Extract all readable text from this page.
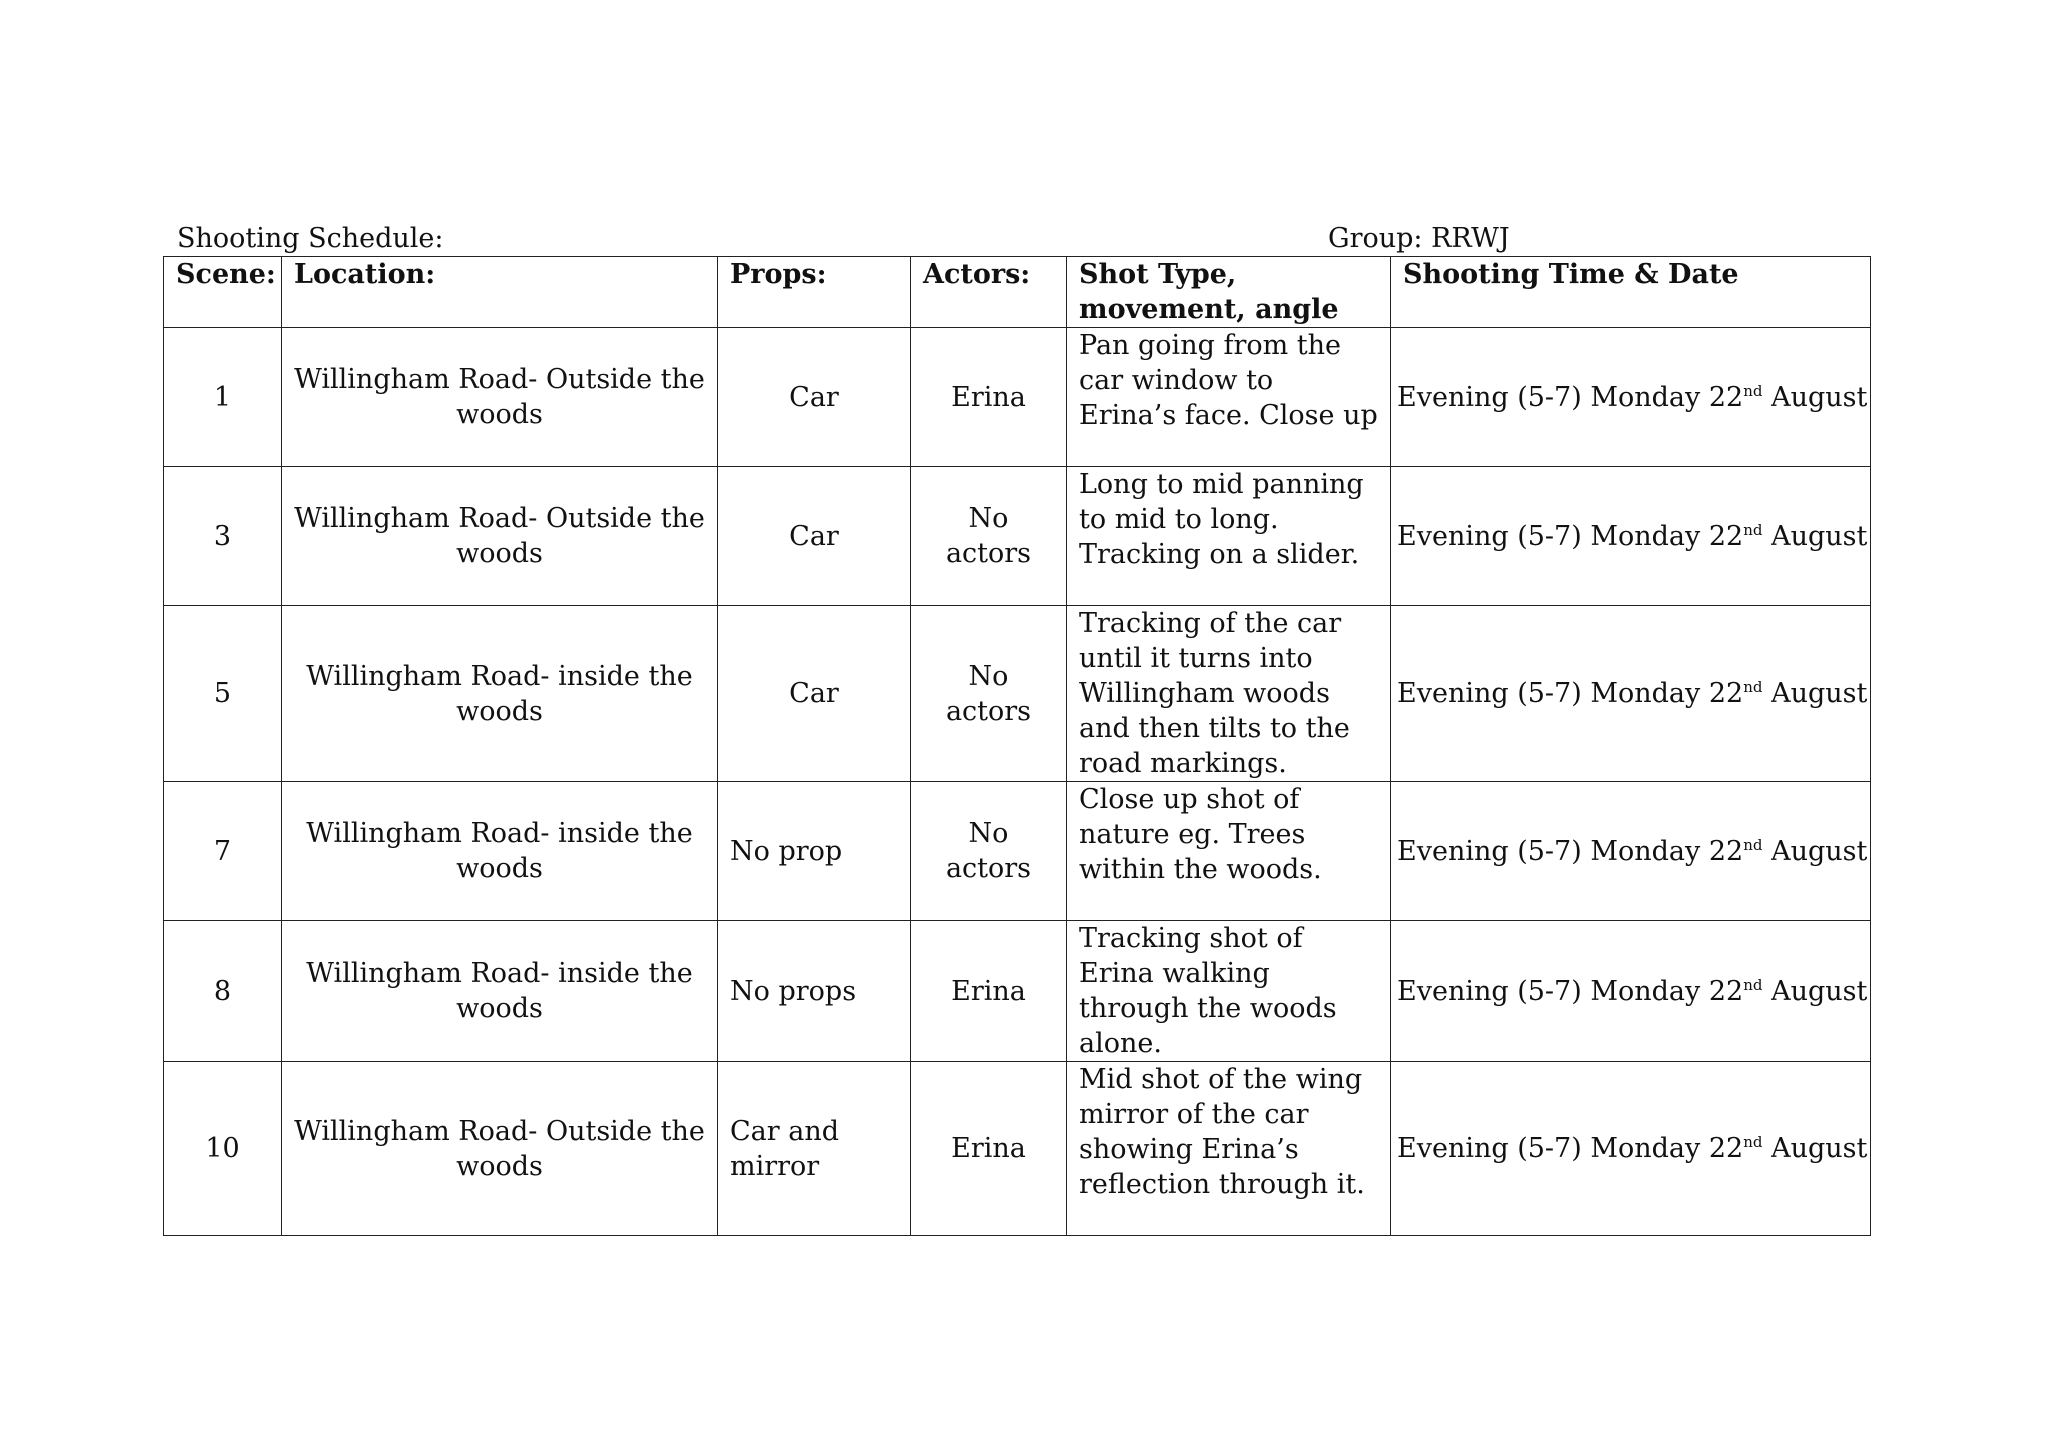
Shooting Schedule:	Group: RRWJ
Scene:	Location:	Props:	Actors:	Shot Type, movement, angle	Shooting Time & Date
1	Willingham Road- Outside the woods	Car	Erina	Pan going from the car window to Erina’s face. Close up	Evening (5-7) Monday 22nd August
3	Willingham Road- Outside the woods	Car	No actors	Long to mid panning to mid to long. Tracking on a slider.	Evening (5-7) Monday 22nd August
5	Willingham Road- inside the woods	Car	No actors	Tracking of the car until it turns into Willingham woods and then tilts to the road markings.	Evening (5-7) Monday 22nd August
7	Willingham Road- inside the woods	No prop	No actors	Close up shot of nature eg. Trees within the woods.	Evening (5-7) Monday 22nd August
8	Willingham Road- inside the woods	No props	Erina	Tracking shot of Erina walking through the woods alone.	Evening (5-7) Monday 22nd August
10	Willingham Road- Outside the woods	Car and mirror	Erina	Mid shot of the wing mirror of the car showing Erina’s reflection through it.	Evening (5-7) Monday 22nd August
